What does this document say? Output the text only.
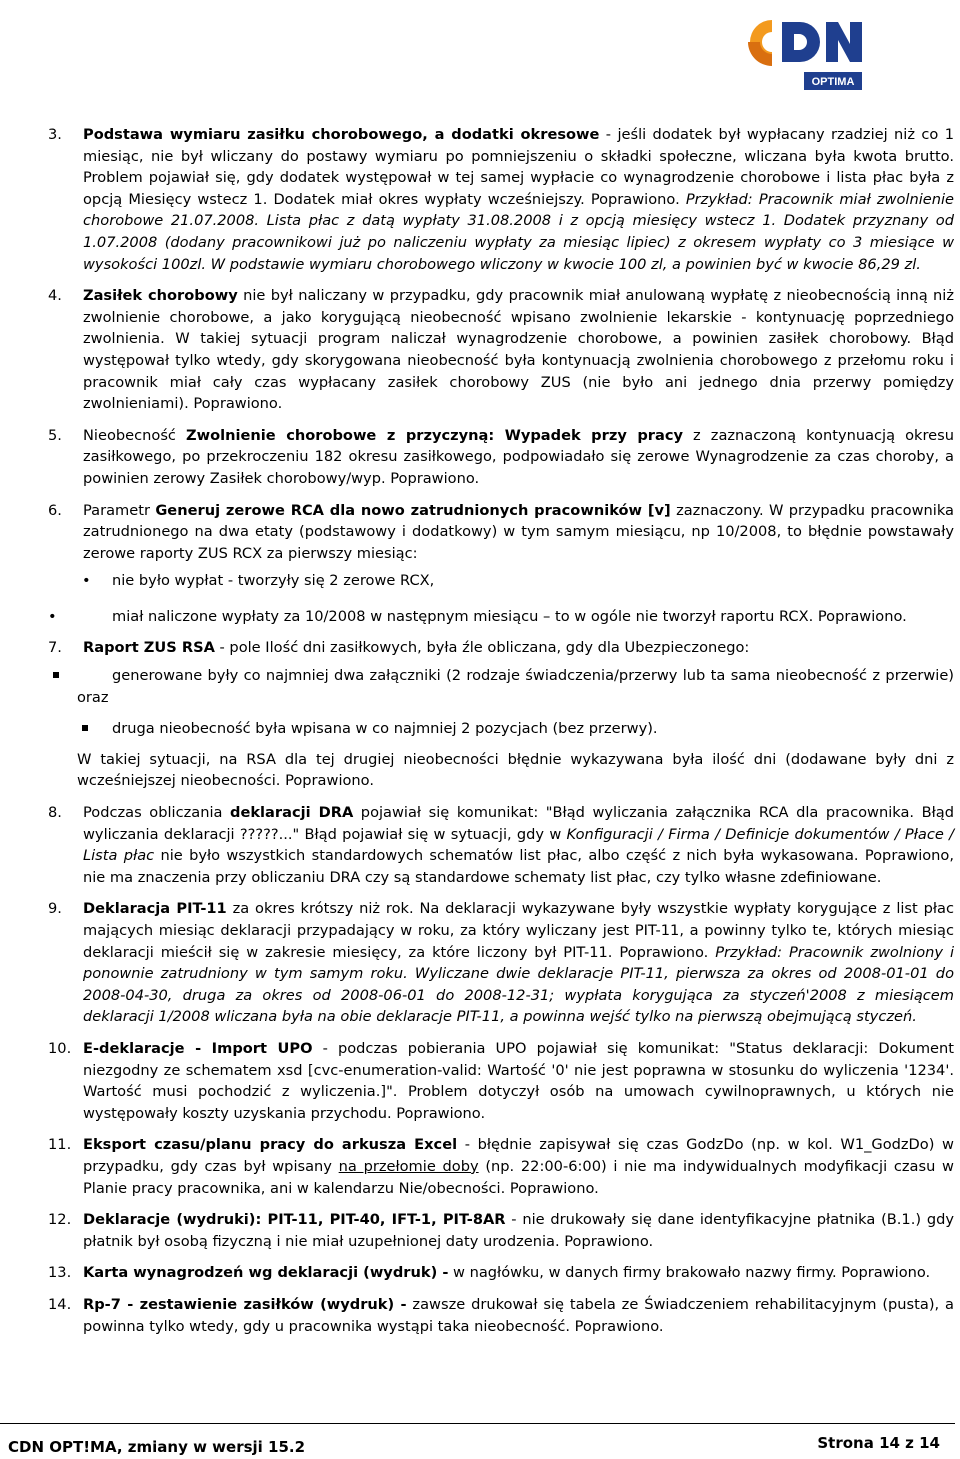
OPTIMA
3. Podstawa wymiaru zasiłku chorobowego, a dodatki okresowe - jeśli dodatek był wypłacany rzadziej niż co 1 miesiąc, nie był wliczany do postawy wymiaru po pomniejszeniu o składki społeczne, wliczana była kwota brutto. Problem pojawiał się, gdy dodatek występował w tej samej wypłacie co wynagrodzenie chorobowe i lista płac była z opcją Miesięcy wstecz 1. Dodatek miał okres wypłaty wcześniejszy. Poprawiono. Przykład: Pracownik miał zwolnienie chorobowe 21.07.2008. Lista płac z datą wypłaty 31.08.2008 i z opcją miesięcy wstecz 1. Dodatek przyznany od 1.07.2008 (dodany pracownikowi już po naliczeniu wypłaty za miesiąc lipiec) z okresem wypłaty co 3 miesiące w wysokości 100zl. W podstawie wymiaru chorobowego wliczony w kwocie 100 zl, a powinien być w kwocie 86,29 zl.
4. Zasiłek chorobowy nie był naliczany w przypadku, gdy pracownik miał anulowaną wypłatę z nieobecnością inną niż zwolnienie chorobowe, a jako korygującą nieobecność wpisano zwolnienie lekarskie - kontynuację poprzedniego zwolnienia. W takiej sytuacji program naliczał wynagrodzenie chorobowe, a powinien zasiłek chorobowy. Błąd występował tylko wtedy, gdy skorygowana nieobecność była kontynuacją zwolnienia chorobowego z przełomu roku i pracownik miał cały czas wypłacany zasiłek chorobowy ZUS (nie było ani jednego dnia przerwy pomiędzy zwolnieniami). Poprawiono.
5. Nieobecność Zwolnienie chorobowe z przyczyną: Wypadek przy pracy z zaznaczoną kontynuacją okresu zasiłkowego, po przekroczeniu 182 okresu zasiłkowego, podpowiadało się zerowe Wynagrodzenie za czas choroby, a powinien zerowy Zasiłek chorobowy/wyp. Poprawiono.
6. Parametr Generuj zerowe RCA dla nowo zatrudnionych pracowników [v] zaznaczony. W przypadku pracownika zatrudnionego na dwa etaty (podstawowy i dodatkowy) w tym samym miesiącu, np 10/2008, to błędnie powstawały zerowe raporty ZUS RCX za pierwszy miesiąc:
• nie było wypłat - tworzyły się 2 zerowe RCX,
•	miał naliczone wypłaty za 10/2008 w następnym miesiącu – to w ogóle nie tworzył raportu RCX. Poprawiono.
7. Raport ZUS RSA - pole Ilość dni zasiłkowych, była źle obliczana, gdy dla Ubezpieczonego:
generowane były co najmniej dwa załączniki (2 rodzaje świadczenia/przerwy lub ta sama nieobecność z przerwie) oraz
druga nieobecność była wpisana w co najmniej 2 pozycjach (bez przerwy).
W takiej sytuacji, na RSA dla tej drugiej nieobecności błędnie wykazywana była ilość dni (dodawane były dni z wcześniejszej nieobecności. Poprawiono.
8. Podczas obliczania deklaracji DRA pojawiał się komunikat: "Błąd wyliczania załącznika RCA dla pracownika. Błąd wyliczania deklaracji ?????..." Błąd pojawiał się w sytuacji, gdy w Konfiguracji / Firma / Definicje dokumentów / Płace / Lista płac nie było wszystkich standardowych schematów list płac, albo część z nich była wykasowana. Poprawiono, nie ma znaczenia przy obliczaniu DRA czy są standardowe schematy list płac, czy tylko własne zdefiniowane.
9. Deklaracja PIT-11 za okres krótszy niż rok. Na deklaracji wykazywane były wszystkie wypłaty korygujące z list płac mających miesiąc deklaracji przypadający w roku, za który wyliczany jest PIT-11, a powinny tylko te, których miesiąc deklaracji mieścił się w zakresie miesięcy, za które liczony był PIT-11. Poprawiono. Przykład: Pracownik zwolniony i ponownie zatrudniony w tym samym roku. Wyliczane dwie deklaracje PIT-11, pierwsza za okres od 2008-01-01 do 2008-04-30, druga za okres od 2008-06-01 do 2008-12-31; wypłata korygująca za styczeń'2008 z miesiącem deklaracji 1/2008 wliczana była na obie deklaracje PIT-11, a powinna wejść tylko na pierwszą obejmującą styczeń.
10. E-deklaracje - Import UPO - podczas pobierania UPO pojawiał się komunikat: "Status deklaracji: Dokument niezgodny ze schematem xsd [cvc-enumeration-valid: Wartość '0' nie jest poprawna w stosunku do wyliczenia '1234'. Wartość musi pochodzić z wyliczenia.]". Problem dotyczył osób na umowach cywilnoprawnych, u których nie występowały koszty uzyskania przychodu. Poprawiono.
11. Eksport czasu/planu pracy do arkusza Excel - błędnie zapisywał się czas GodzDo (np. w kol. W1_GodzDo) w przypadku, gdy czas był wpisany na przełomie doby (np. 22:00-6:00) i nie ma indywidualnych modyfikacji czasu w Planie pracy pracownika, ani w kalendarzu Nie/obecności. Poprawiono.
12. Deklaracje (wydruki): PIT-11, PIT-40, IFT-1, PIT-8AR - nie drukowały się dane identyfikacyjne płatnika (B.1.) gdy płatnik był osobą fizyczną i nie miał uzupełnionej daty urodzenia. Poprawiono.
13. Karta wynagrodzeń wg deklaracji (wydruk) - w nagłówku, w danych firmy brakowało nazwy firmy. Poprawiono.
14. Rp-7 - zestawienie zasiłków (wydruk) - zawsze drukował się tabela ze Świadczeniem rehabilitacyjnym (pusta), a powinna tylko wtedy, gdy u pracownika wystąpi taka nieobecność. Poprawiono.
CDN OPT!MA, zmiany w wersji 15.2	Strona 14 z 14
